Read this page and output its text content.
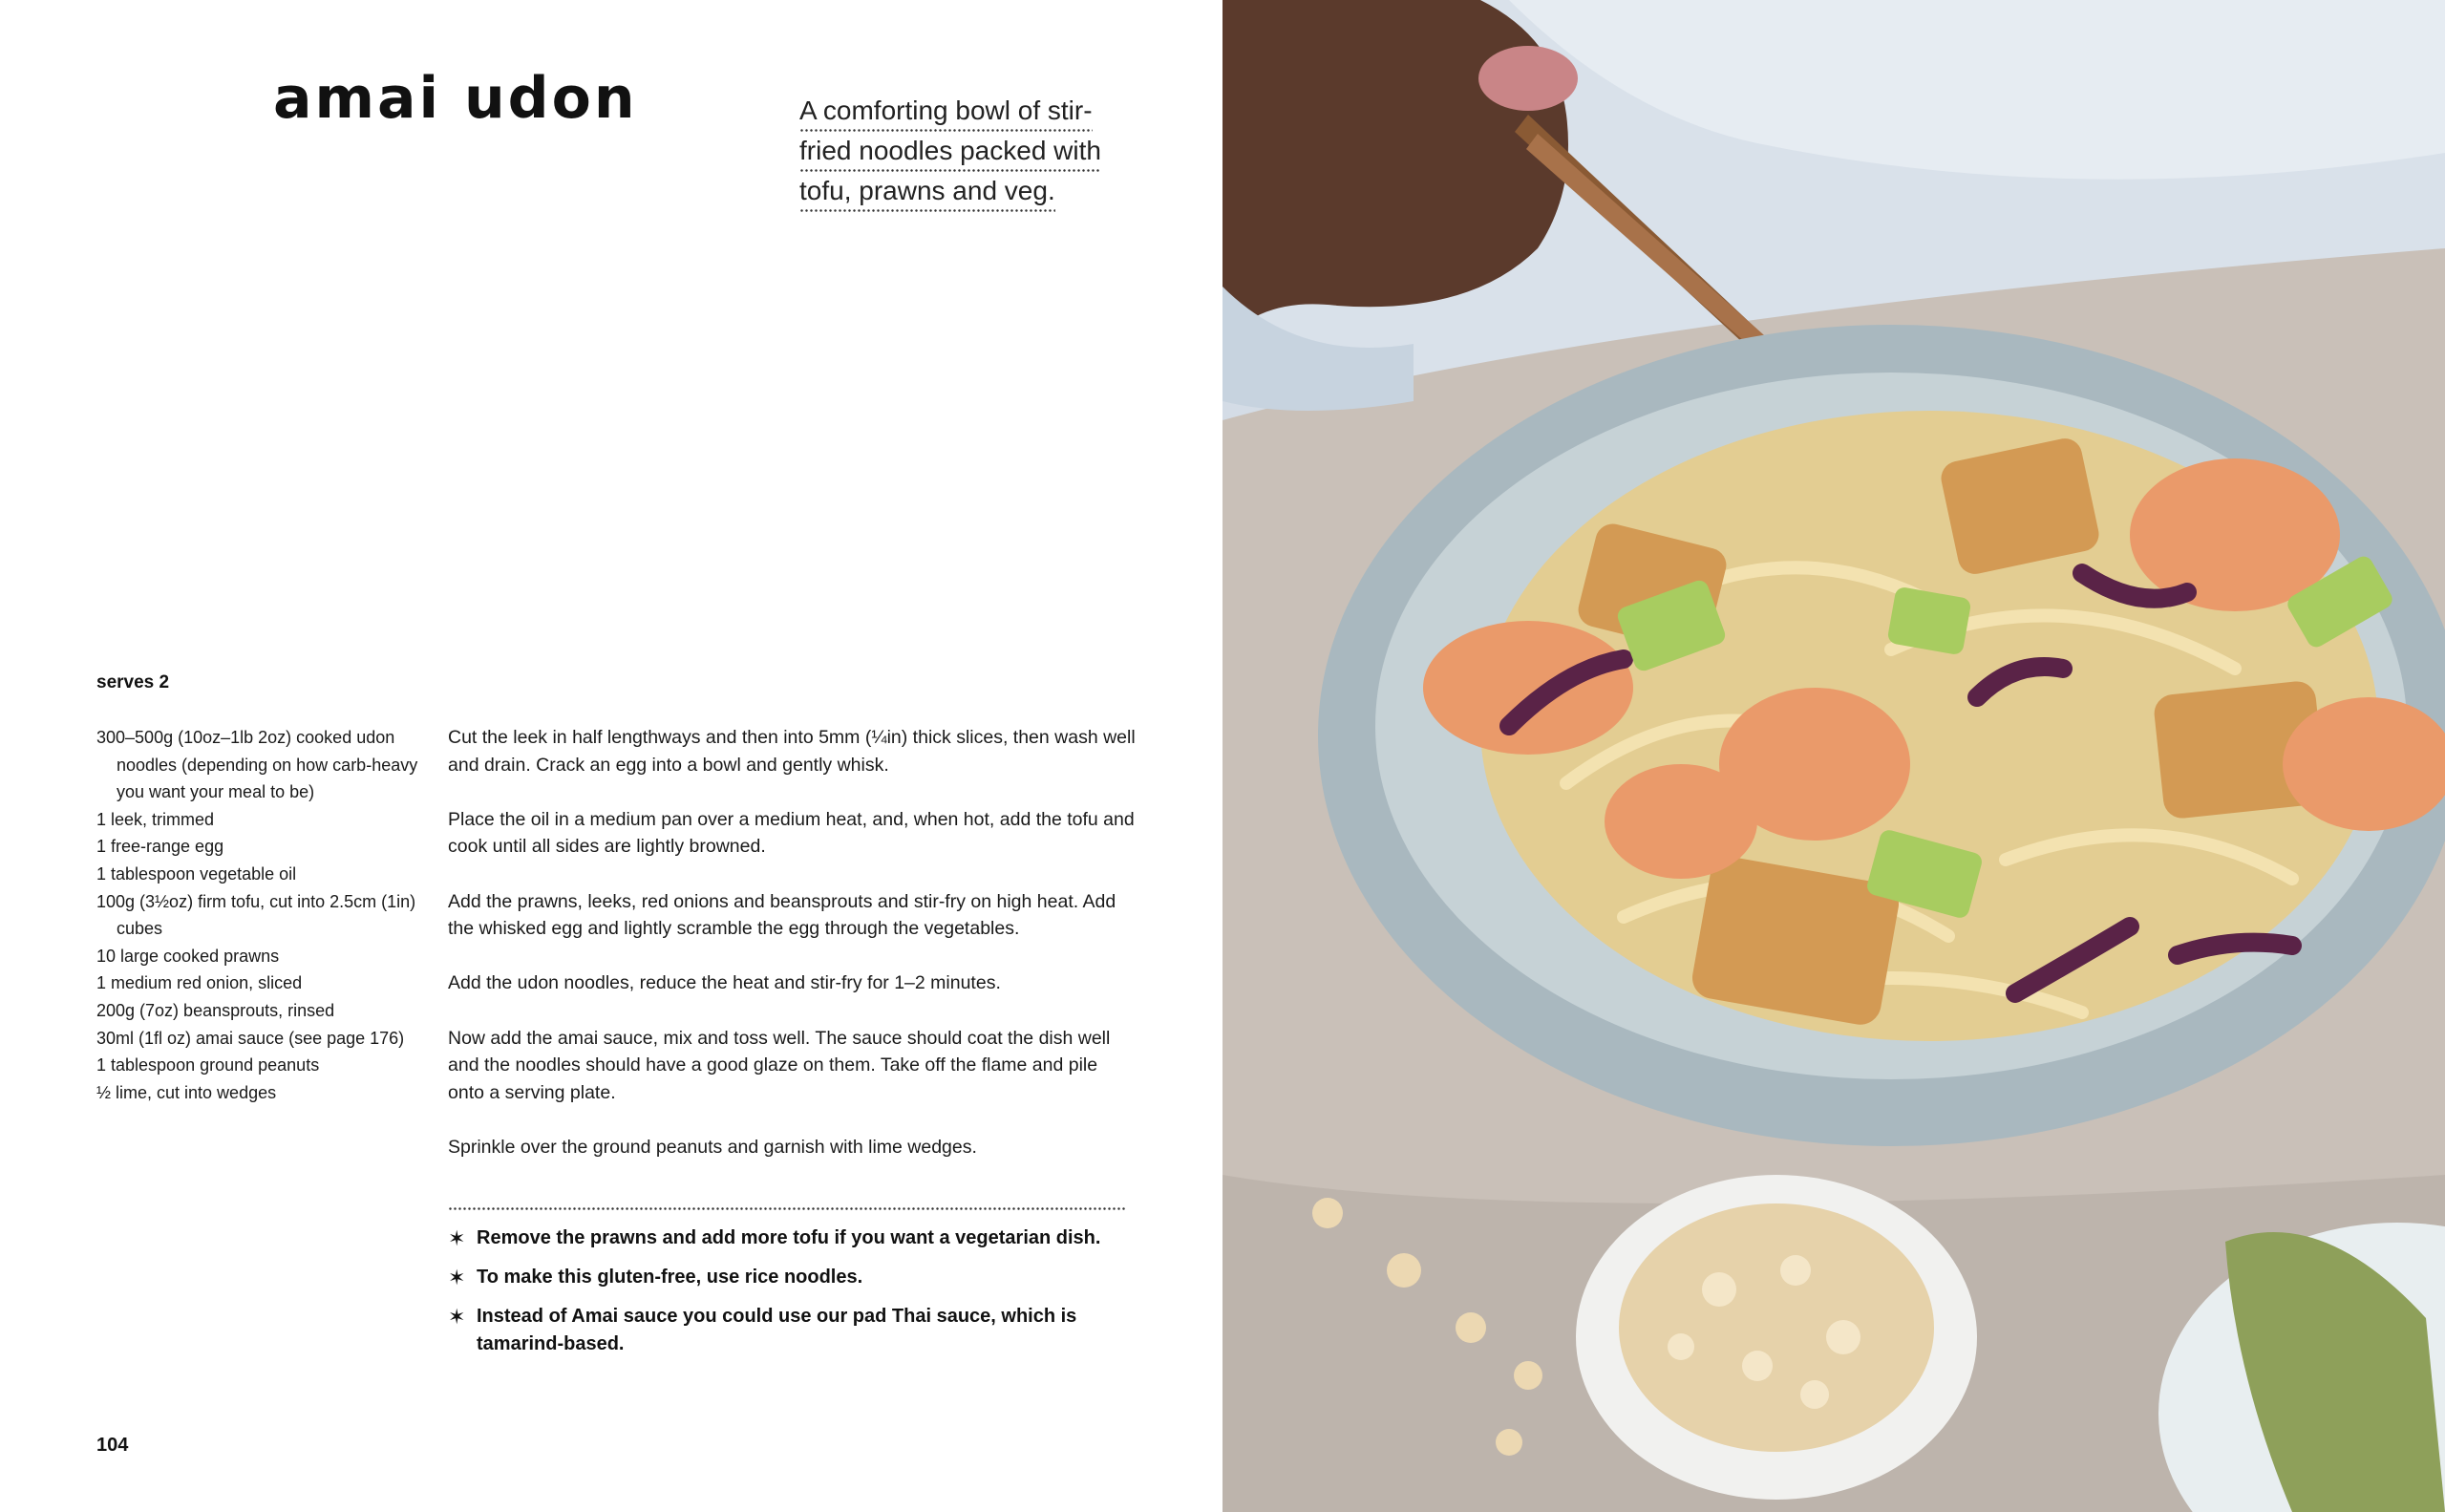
amai udon	A comforting bowl of stir-
fried noodles packed with
tofu, prawns and veg.
serves 2
300–500g (10oz–1lb 2oz) cooked udon noodles (depending on how carb-heavy you want your meal to be)
1 leek, trimmed
1 free-range egg
1 tablespoon vegetable oil
100g (3½oz) firm tofu, cut into 2.5cm (1in) cubes
10 large cooked prawns
1 medium red onion, sliced
200g (7oz) beansprouts, rinsed
30ml (1fl oz) amai sauce (see page 176)
1 tablespoon ground peanuts
½ lime, cut into wedges

Cut the leek in half lengthways and then into 5mm (¼in) thick slices, then wash well and drain. Crack an egg into a bowl and gently whisk.

Place the oil in a medium pan over a medium heat, and, when hot, add the tofu and cook until all sides are lightly browned.

Add the prawns, leeks, red onions and beansprouts and stir-fry on high heat. Add the whisked egg and lightly scramble the egg through the vegetables.

Add the udon noodles, reduce the heat and stir-fry for 1–2 minutes.

Now add the amai sauce, mix and toss well. The sauce should coat the dish well and the noodles should have a good glaze on them. Take off the flame and pile onto a serving plate.

Sprinkle over the ground peanuts and garnish with lime wedges.

✶ Remove the prawns and add more tofu if you want a vegetarian dish.
✶ To make this gluten-free, use rice noodles.
✶ Instead of Amai sauce you could use our pad Thai sauce, which is tamarind-based.
104
